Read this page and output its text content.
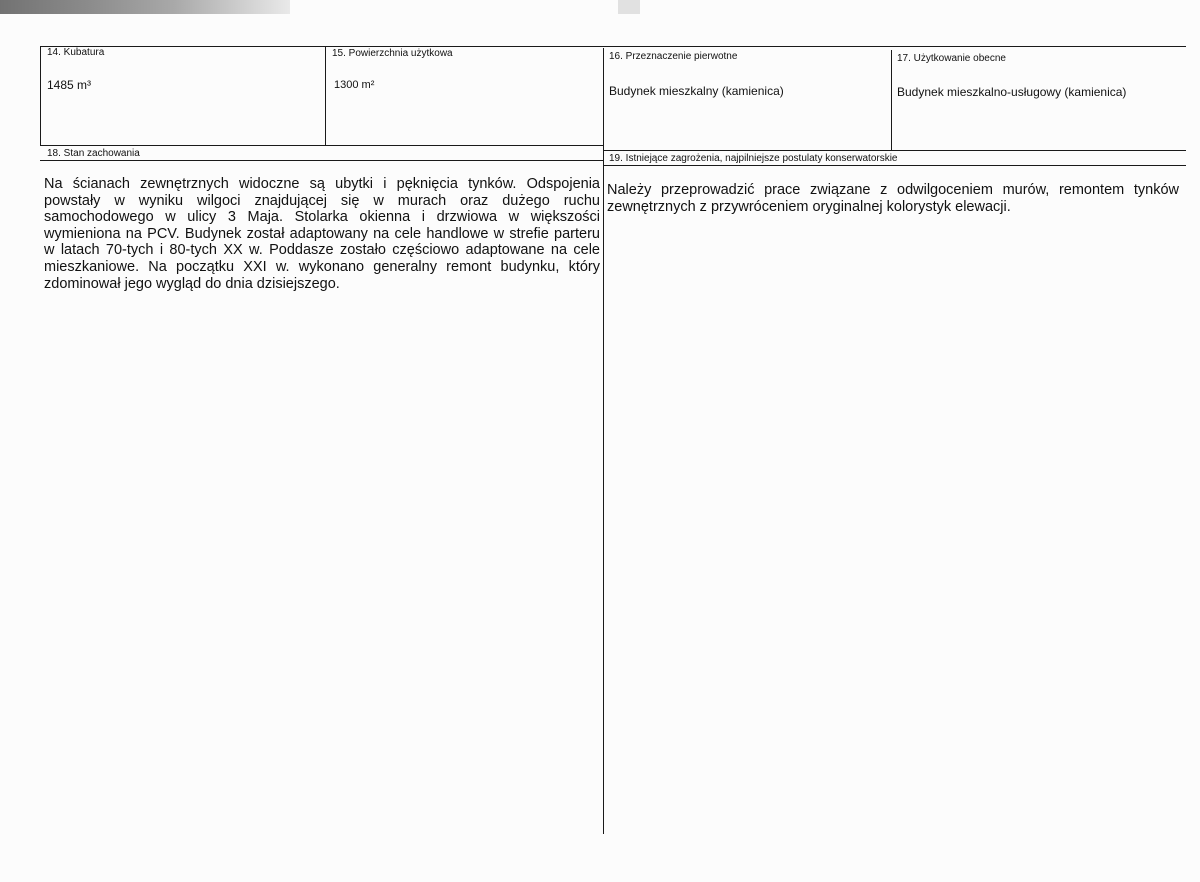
14. Kubatura
1485 m³
15. Powierzchnia użytkowa
1300 m²
16. Przeznaczenie pierwotne
Budynek mieszkalny (kamienica)
17. Użytkowanie obecne
Budynek mieszkalno-usługowy (kamienica)
18. Stan zachowania
Na ścianach zewnętrznych widoczne są ubytki i pęknięcia tynków. Odspojenia powstały w wyniku wilgoci znajdującej się w murach oraz dużego ruchu samochodowego w ulicy 3 Maja. Stolarka okienna i drzwiowa w większości wymieniona na PCV. Budynek został adaptowany na cele handlowe w strefie parteru w latach 70-tych i 80-tych XX w. Poddasze zostało częściowo adaptowane na cele mieszkaniowe. Na początku XXI w. wykonano generalny remont budynku, który zdominował jego wygląd do dnia dzisiejszego.
19. Istniejące zagrożenia, najpilniejsze postulaty konserwatorskie
Należy przeprowadzić prace związane z odwilgoceniem murów, remontem tynków zewnętrznych z przywróceniem oryginalnej kolorystyk elewacji.
